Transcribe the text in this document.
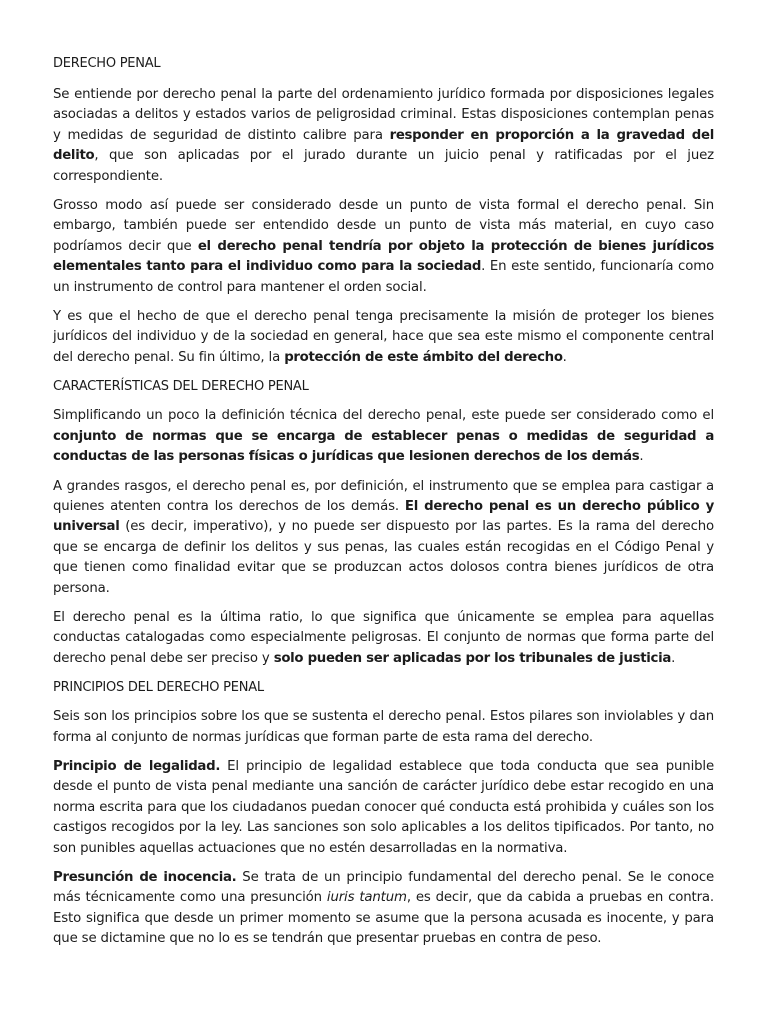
DERECHO PENAL

Se entiende por derecho penal la parte del ordenamiento jurídico formada por disposiciones legales asociadas a delitos y estados varios de peligrosidad criminal. Estas disposiciones contemplan penas y medidas de seguridad de distinto calibre para responder en proporción a la gravedad del delito, que son aplicadas por el jurado durante un juicio penal y ratificadas por el juez correspondiente.

Grosso modo así puede ser considerado desde un punto de vista formal el derecho penal. Sin embargo, también puede ser entendido desde un punto de vista más material, en cuyo caso podríamos decir que el derecho penal tendría por objeto la protección de bienes jurídicos elementales tanto para el individuo como para la sociedad. En este sentido, funcionaría como un instrumento de control para mantener el orden social.

Y es que el hecho de que el derecho penal tenga precisamente la misión de proteger los bienes jurídicos del individuo y de la sociedad en general, hace que sea este mismo el componente central del derecho penal. Su fin último, la protección de este ámbito del derecho.

CARACTERÍSTICAS DEL DERECHO PENAL

Simplificando un poco la definición técnica del derecho penal, este puede ser considerado como el conjunto de normas que se encarga de establecer penas o medidas de seguridad a conductas de las personas físicas o jurídicas que lesionen derechos de los demás.

A grandes rasgos, el derecho penal es, por definición, el instrumento que se emplea para castigar a quienes atenten contra los derechos de los demás. El derecho penal es un derecho público y universal (es decir, imperativo), y no puede ser dispuesto por las partes. Es la rama del derecho que se encarga de definir los delitos y sus penas, las cuales están recogidas en el Código Penal y que tienen como finalidad evitar que se produzcan actos dolosos contra bienes jurídicos de otra persona.

El derecho penal es la última ratio, lo que significa que únicamente se emplea para aquellas conductas catalogadas como especialmente peligrosas. El conjunto de normas que forma parte del derecho penal debe ser preciso y solo pueden ser aplicadas por los tribunales de justicia.

PRINCIPIOS DEL DERECHO PENAL

Seis son los principios sobre los que se sustenta el derecho penal. Estos pilares son inviolables y dan forma al conjunto de normas jurídicas que forman parte de esta rama del derecho.

Principio de legalidad. El principio de legalidad establece que toda conducta que sea punible desde el punto de vista penal mediante una sanción de carácter jurídico debe estar recogido en una norma escrita para que los ciudadanos puedan conocer qué conducta está prohibida y cuáles son los castigos recogidos por la ley. Las sanciones son solo aplicables a los delitos tipificados. Por tanto, no son punibles aquellas actuaciones que no estén desarrolladas en la normativa.

Presunción de inocencia. Se trata de un principio fundamental del derecho penal. Se le conoce más técnicamente como una presunción iuris tantum, es decir, que da cabida a pruebas en contra. Esto significa que desde un primer momento se asume que la persona acusada es inocente, y para que se dictamine que no lo es se tendrán que presentar pruebas en contra de peso.
